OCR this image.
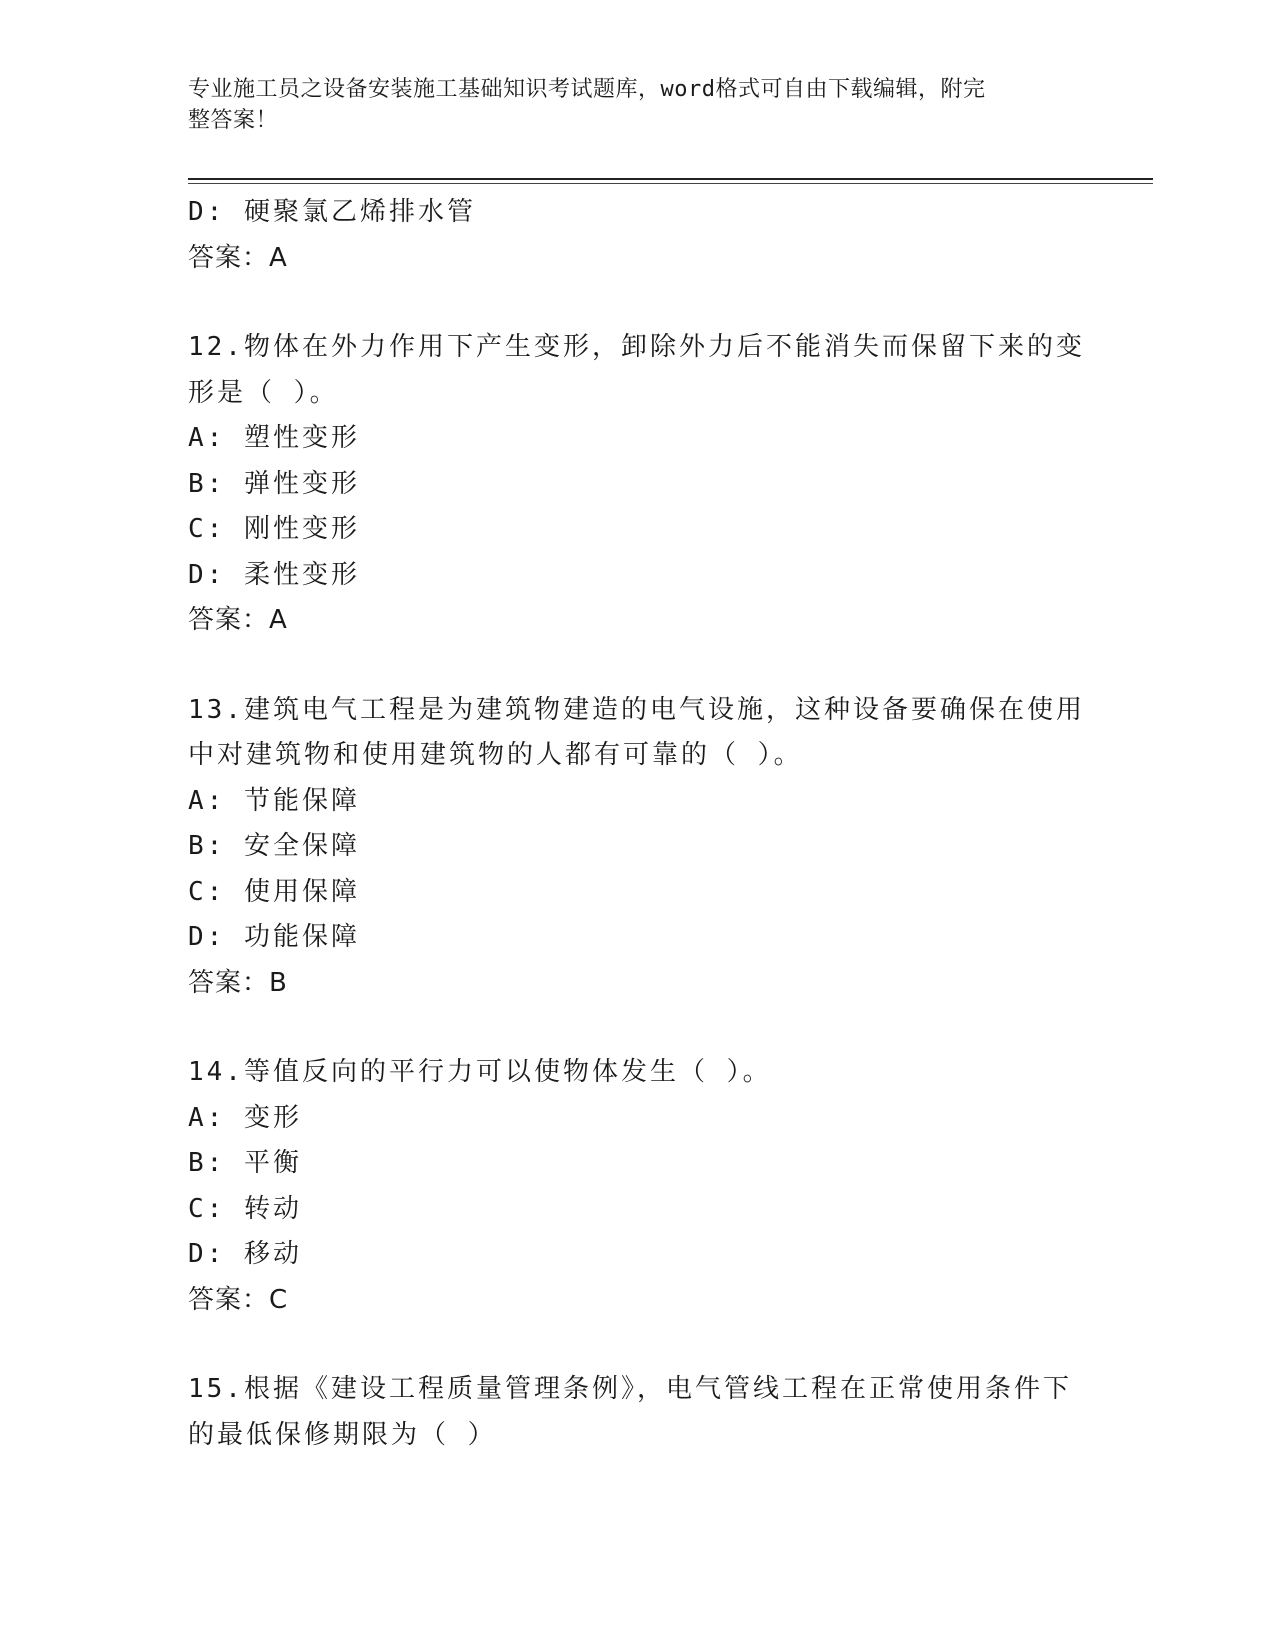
专业施工员之设备安装施工基础知识考试题库，word格式可自由下载编辑，附完
整答案！

D: 硬聚氯乙烯排水管

答案：A

12.物体在外力作用下产生变形，卸除外力后不能消失而保留下来的变

形是（ ）。

A: 塑性变形

B: 弹性变形

C: 刚性变形

D: 柔性变形

答案：A

13.建筑电气工程是为建筑物建造的电气设施，这种设备要确保在使用

中对建筑物和使用建筑物的人都有可靠的（ ）。

A: 节能保障

B: 安全保障

C: 使用保障

D: 功能保障

答案：B

14.等值反向的平行力可以使物体发生（ ）。

A: 变形

B: 平衡

C: 转动

D: 移动

答案：C

15.根据《建设工程质量管理条例》，电气管线工程在正常使用条件下

的最低保修期限为（ ）
